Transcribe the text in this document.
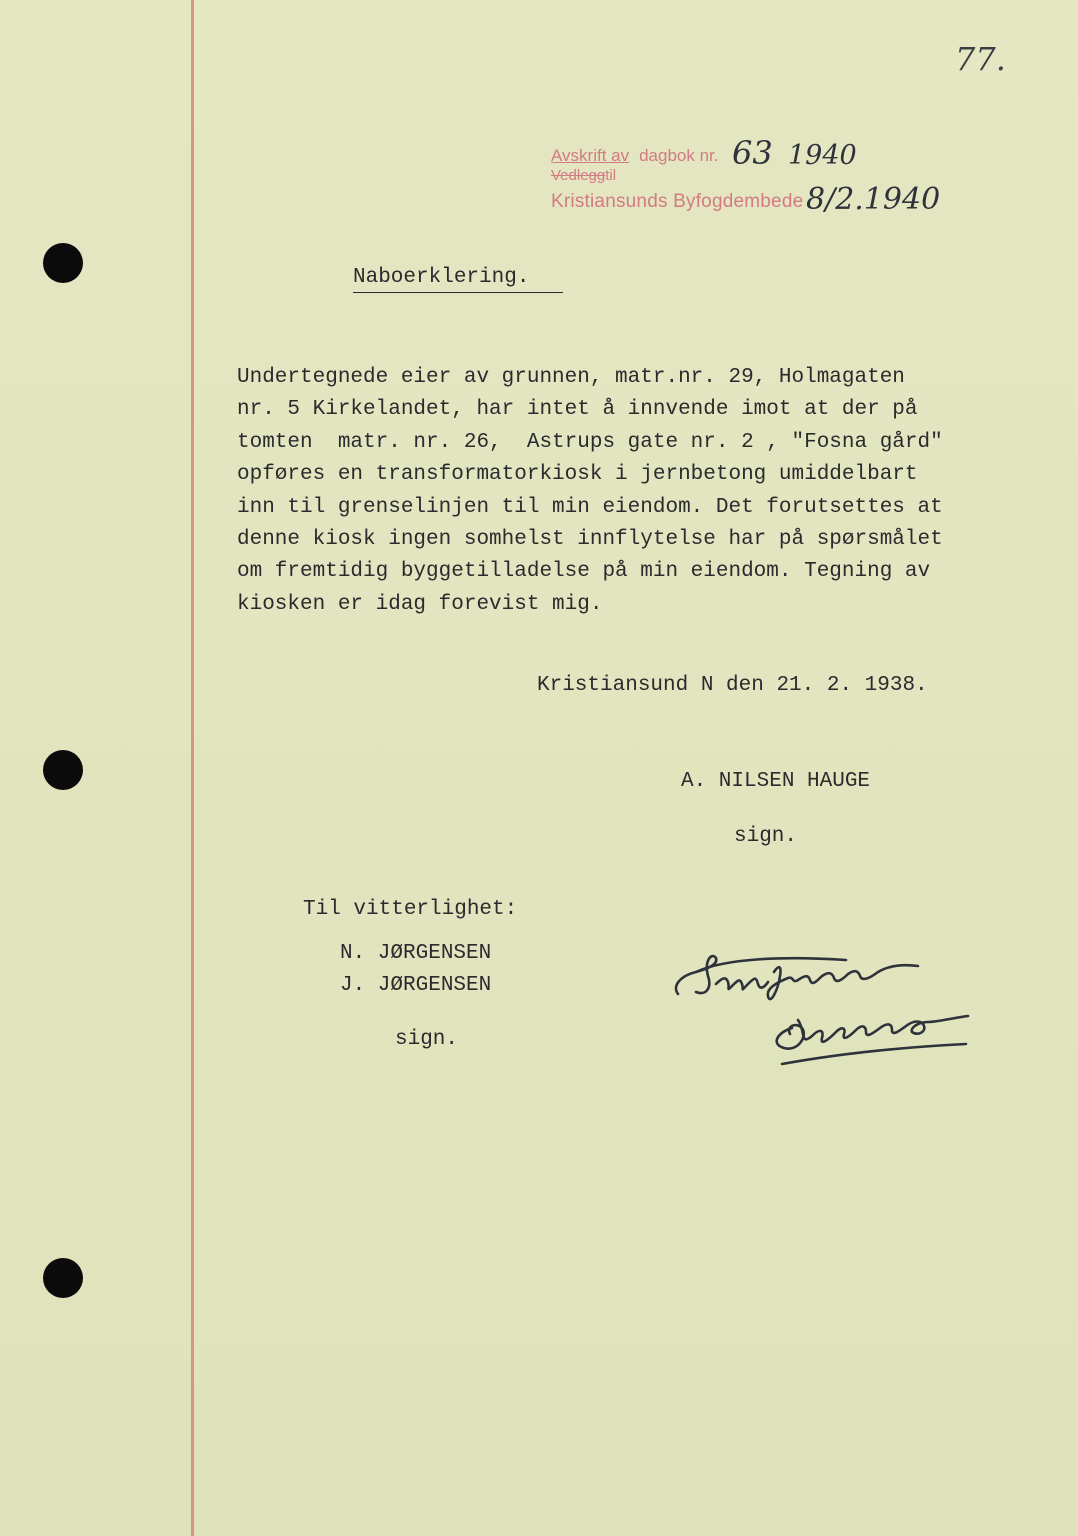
77.
Avskrift av dagbok nr.
Vedleggtil
Kristiansunds Byfogdembede
63 1940
8/2.1940
Naboerklering.
Undertegnede eier av grunnen, matr.nr. 29, Holmagaten
nr. 5 Kirkelandet, har intet å innvende imot at der på
tomten  matr. nr. 26,  Astrups gate nr. 2 , "Fosna gård"
opføres en transformatorkiosk i jernbetong umiddelbart
inn til grenselinjen til min eiendom. Det forutsettes at
denne kiosk ingen somhelst innflytelse har på spørsmålet
om fremtidig byggetilladelse på min eiendom. Tegning av
kiosken er idag forevist mig.
Kristiansund N den 21. 2. 1938.
A. NILSEN HAUGE
sign.
Til vitterlighet:
N. JØRGENSEN
J. JØRGENSEN
sign.
